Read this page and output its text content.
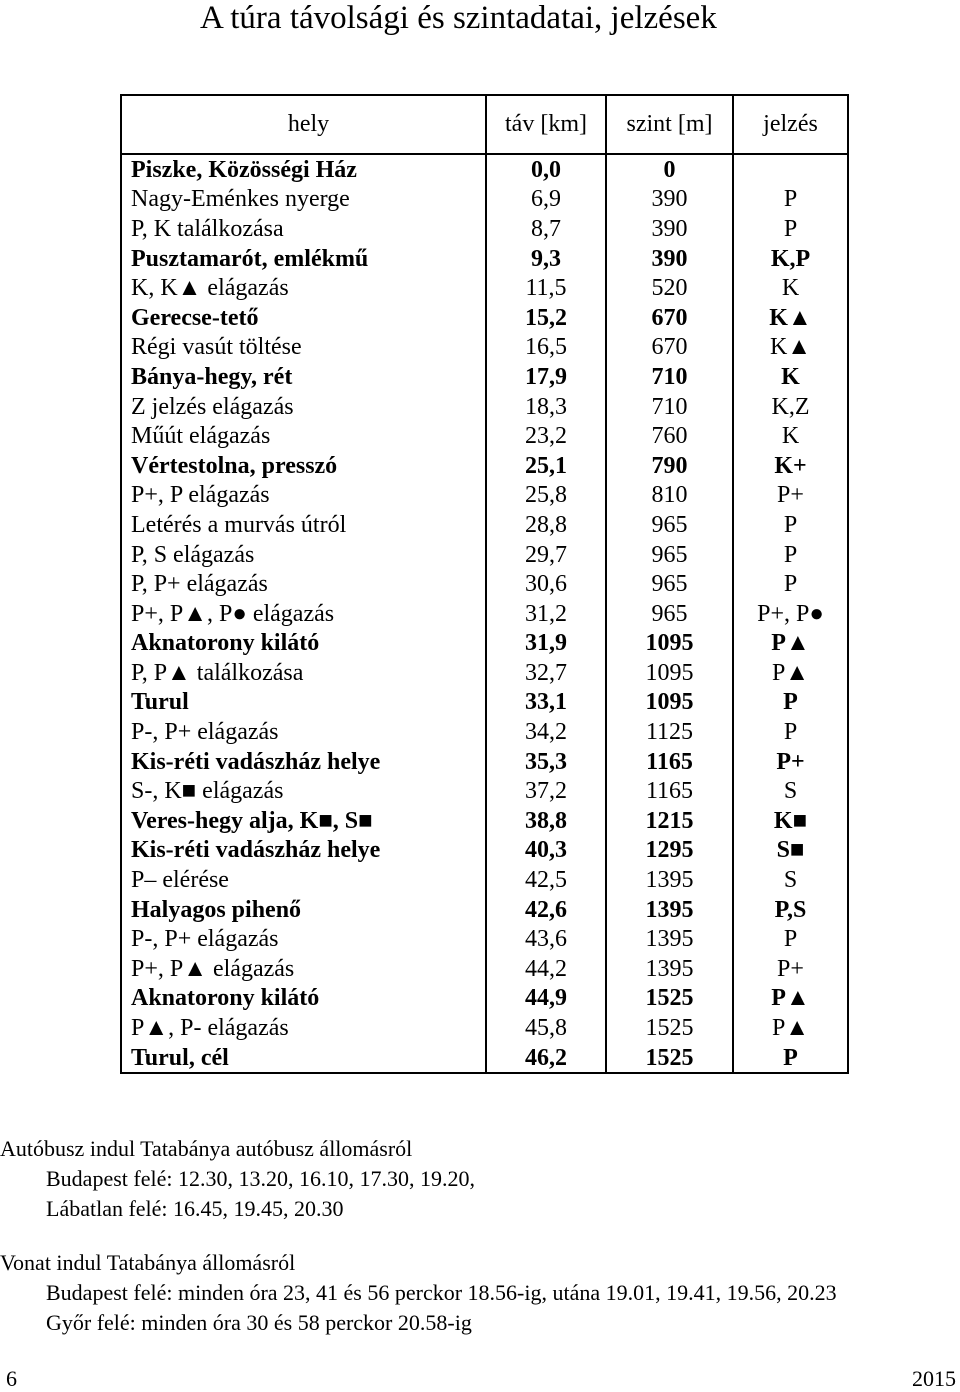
A túra távolsági és szintadatai, jelzések
hely	táv [km]	szint [m]	jelzés
Piszke, Közösségi Ház	0,0	0	
Nagy-Eménkes nyerge	6,9	390	P
P, K találkozása	8,7	390	P
Pusztamarót, emlékmű	9,3	390	K,P
K, K▲ elágazás	11,5	520	K
Gerecse-tető	15,2	670	K▲
Régi vasút töltése	16,5	670	K▲
Bánya-hegy, rét	17,9	710	K
Z jelzés elágazás	18,3	710	K,Z
Műút elágazás	23,2	760	K
Vértestolna, presszó	25,1	790	K+
P+, P elágazás	25,8	810	P+
Letérés a murvás útról	28,8	965	P
P, S elágazás	29,7	965	P
P, P+ elágazás	30,6	965	P
P+, P▲, P● elágazás	31,2	965	P+, P●
Aknatorony kilátó	31,9	1095	P▲
P, P▲ találkozása	32,7	1095	P▲
Turul	33,1	1095	P
P-, P+ elágazás	34,2	1125	P
Kis-réti vadászház helye	35,3	1165	P+
S-, K■ elágazás	37,2	1165	S
Veres-hegy alja, K■, S■	38,8	1215	K■
Kis-réti vadászház helye	40,3	1295	S■
P– elérése	42,5	1395	S
Halyagos pihenő	42,6	1395	P,S
P-, P+ elágazás	43,6	1395	P
P+, P▲ elágazás	44,2	1395	P+
Aknatorony kilátó	44,9	1525	P▲
P▲, P- elágazás	45,8	1525	P▲
Turul, cél	46,2	1525	P
Autóbusz indul Tatabánya autóbusz állomásról
Budapest felé: 12.30, 13.20, 16.10, 17.30, 19.20,
Lábatlan felé: 16.45, 19.45, 20.30
Vonat indul Tatabánya állomásról
Budapest felé: minden óra 23, 41 és 56 perckor 18.56-ig, utána 19.01, 19.41, 19.56, 20.23
Győr felé: minden óra 30 és 58 perckor 20.58-ig
6	2015
